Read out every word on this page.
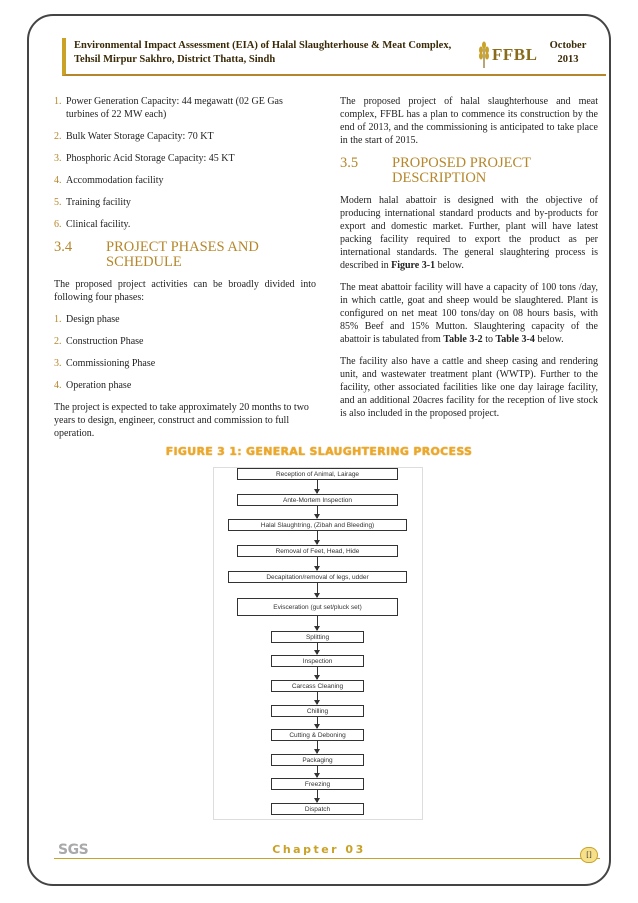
Environmental Impact Assessment (EIA) of Halal Slaughterhouse & Meat Complex,
Tehsil Mirpur Sakhro, District Thatta, Sindh	FFBL	October
2013
1. Power Generation Capacity: 44 megawatt (02 GE Gas turbines of 22 MW each)
2. Bulk Water Storage Capacity: 70 KT
3. Phosphoric Acid Storage Capacity: 45 KT
4. Accommodation facility
5. Training facility
6. Clinical facility.
3.4	PROJECT PHASES AND SCHEDULE

The proposed project activities can be broadly divided into following four phases:

1. Design phase
2. Construction Phase
3. Commissioning Phase
4. Operation phase

The project is expected to take approximately 20 months to two years to design, engineer, construct and commission to full operation.

The proposed project of halal slaughterhouse and meat complex, FFBL has a plan to commence its construction by the end of 2013, and the commissioning is anticipated to take place in the start of 2015.

3.5	PROPOSED PROJECT DESCRIPTION

Modern halal abattoir is designed with the objective of producing international standard products and by-products for export and domestic market. Further, plant will have latest packing facility required to export the product as per international standards. The general slaughtering process is described in Figure 3-1 below.

The meat abattoir facility will have a capacity of 100 tons /day, in which cattle, goat and sheep would be slaughtered. Plant is configured on net meat 100 tons/day on 08 hours basis, with 85% Beef and 15% Mutton. Slaughtering capacity of the abattoir is tabulated from Table 3-2 to Table 3-4 below.

The facility also have a cattle and sheep casing and rendering unit, and wastewater treatment plant (WWTP). Further to the facility, other associated facilities like one day lairage facility, and an additional 20acres facility for the reception of live stock is also included in the proposed project.

FIGURE 3 1: GENERAL SLAUGHTERING PROCESS
Reception of Animal, Lairage
Ante-Mortem Inspection
Halal Slaughtring, (Zibah and Bleeding)
Removal of Feet, Head, Hide
Decapitation/removal of legs, udder
Evisceration (gut set/pluck set)
Splitting
Inspection
Carcass Cleaning
Chilling
Cutting & Deboning
Packaging
Freezing
Dispatch
SGS	Chapter 03	[]
